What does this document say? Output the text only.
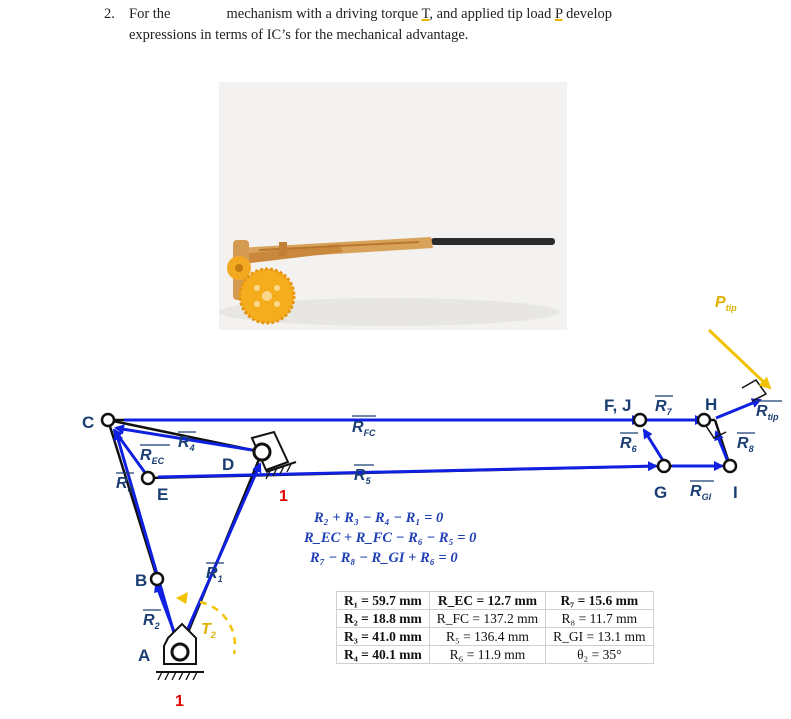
2. For the	mechanism with a driving torque T, and applied tip load P develop
expressions in terms of IC’s for the mechanical advantage.
C
D
E
B
A
F, J	H
G	I
1
1
$R_{FC}$
$R_4$
$R_{EC}$
$R_3$
$R_5$
$R_1$
$R_2$	$T_2$
$R_7$
$R_6$	$R_8$
$R_{GI}$
$R_{tip}$
$P_{tip}$
R₂ + R₃ − R₄ − R₁ = 0
R_EC + R_FC − R₆ − R₅ = 0
R₇ − R₈ − R_GI + R₆ = 0
R₁ = 59.7 mm	R_EC = 12.7 mm	R₇ = 15.6 mm
R₂ = 18.8 mm	R_FC = 137.2 mm	R₈ = 11.7 mm
R₃ = 41.0 mm	R₅ = 136.4 mm	R_GI = 13.1 mm
R₄ = 40.1 mm	R₆ = 11.9 mm	θ₂ = 35°
